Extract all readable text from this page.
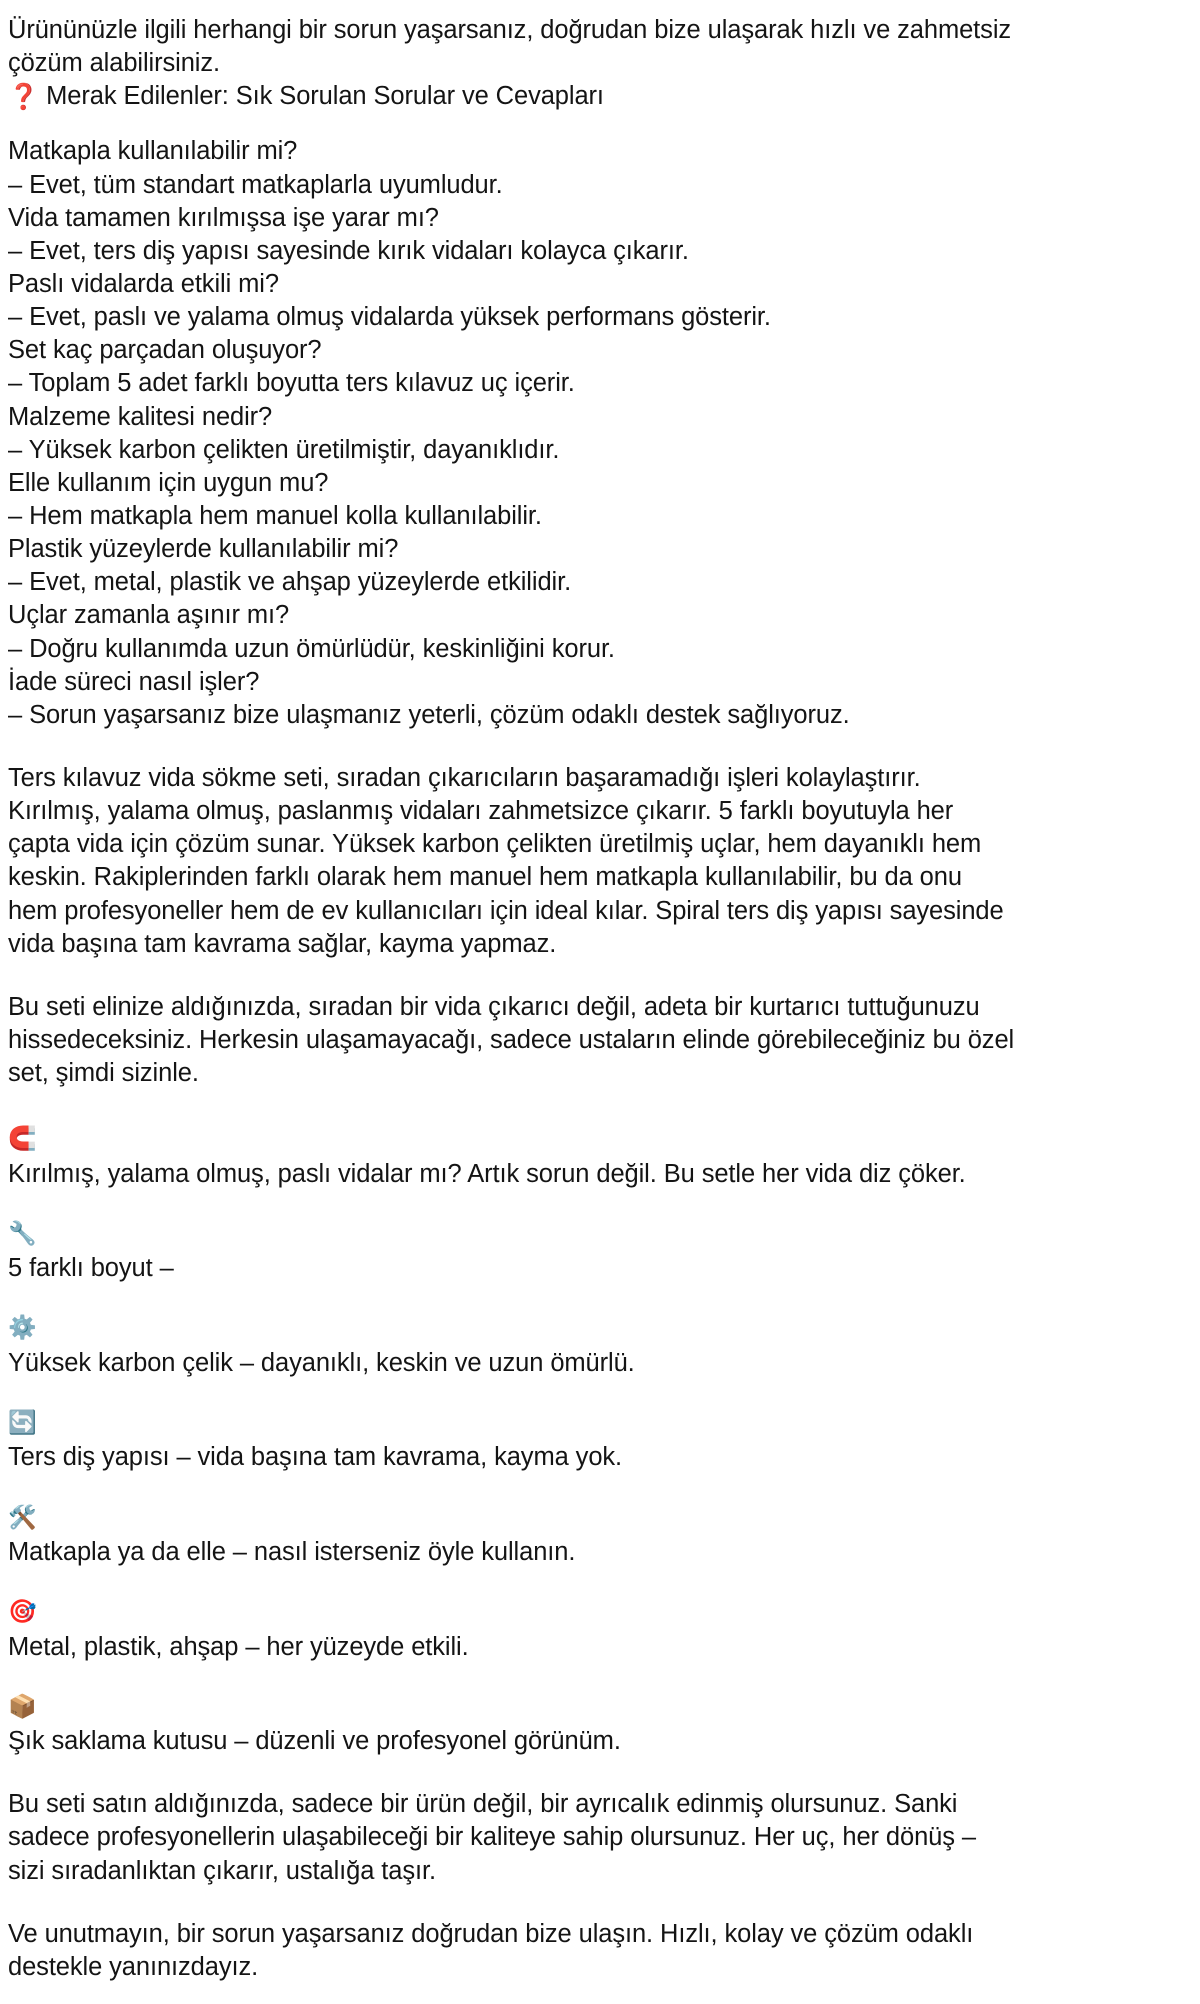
Ürününüzle ilgili herhangi bir sorun yaşarsanız, doğrudan bize ulaşarak hızlı ve zahmetsiz çözüm alabilirsiniz.

❓ Merak Edilenler: Sık Sorulan Sorular ve Cevapları

Matkapla kullanılabilir mi?

– Evet, tüm standart matkaplarla uyumludur.

Vida tamamen kırılmışsa işe yarar mı?

– Evet, ters diş yapısı sayesinde kırık vidaları kolayca çıkarır.

Paslı vidalarda etkili mi?

– Evet, paslı ve yalama olmuş vidalarda yüksek performans gösterir.

Set kaç parçadan oluşuyor?

– Toplam 5 adet farklı boyutta ters kılavuz uç içerir.

Malzeme kalitesi nedir?

– Yüksek karbon çelikten üretilmiştir, dayanıklıdır.

Elle kullanım için uygun mu?

– Hem matkapla hem manuel kolla kullanılabilir.

Plastik yüzeylerde kullanılabilir mi?

– Evet, metal, plastik ve ahşap yüzeylerde etkilidir.

Uçlar zamanla aşınır mı?

– Doğru kullanımda uzun ömürlüdür, keskinliğini korur.

İade süreci nasıl işler?

– Sorun yaşarsanız bize ulaşmanız yeterli, çözüm odaklı destek sağlıyoruz.

Ters kılavuz vida sökme seti, sıradan çıkarıcıların başaramadığı işleri kolaylaştırır. Kırılmış, yalama olmuş, paslanmış vidaları zahmetsizce çıkarır. 5 farklı boyutuyla her çapta vida için çözüm sunar. Yüksek karbon çelikten üretilmiş uçlar, hem dayanıklı hem keskin. Rakiplerinden farklı olarak hem manuel hem matkapla kullanılabilir, bu da onu hem profesyoneller hem de ev kullanıcıları için ideal kılar. Spiral ters diş yapısı sayesinde vida başına tam kavrama sağlar, kayma yapmaz.

Bu seti elinize aldığınızda, sıradan bir vida çıkarıcı değil, adeta bir kurtarıcı tuttuğunuzu hissedeceksiniz. Herkesin ulaşamayacağı, sadece ustaların elinde görebileceğiniz bu özel set, şimdi sizinle.

🧲

Kırılmış, yalama olmuş, paslı vidalar mı? Artık sorun değil. Bu setle her vida diz çöker.

🔧

5 farklı boyut –

⚙️

Yüksek karbon çelik – dayanıklı, keskin ve uzun ömürlü.

🔄

Ters diş yapısı – vida başına tam kavrama, kayma yok.

🛠️

Matkapla ya da elle – nasıl isterseniz öyle kullanın.

🎯

Metal, plastik, ahşap – her yüzeyde etkili.

📦

Şık saklama kutusu – düzenli ve profesyonel görünüm.

Bu seti satın aldığınızda, sadece bir ürün değil, bir ayrıcalık edinmiş olursunuz. Sanki sadece profesyonellerin ulaşabileceği bir kaliteye sahip olursunuz. Her uç, her dönüş – sizi sıradanlıktan çıkarır, ustalığa taşır.

Ve unutmayın, bir sorun yaşarsanız doğrudan bize ulaşın. Hızlı, kolay ve çözüm odaklı destekle yanınızdayız.
